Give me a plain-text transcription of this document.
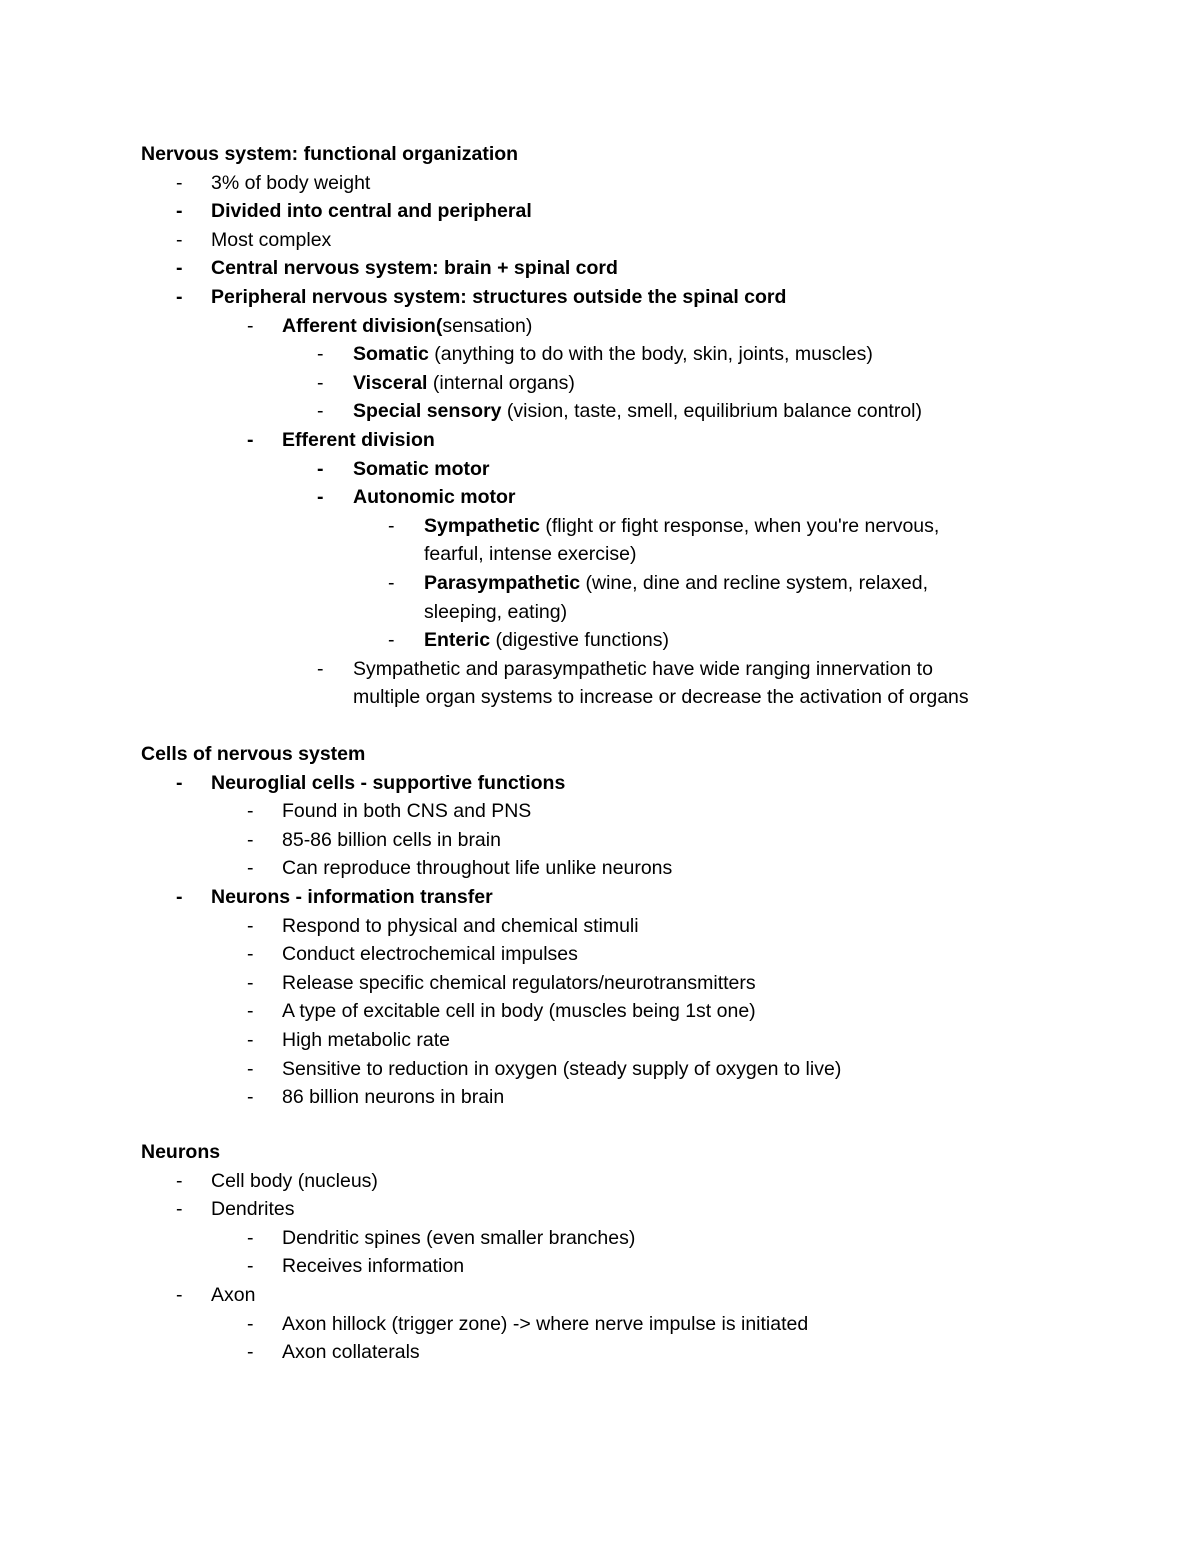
Nervous system: functional organization
- 3% of body weight
- Divided into central and peripheral
- Most complex
- Central nervous system: brain + spinal cord
- Peripheral nervous system: structures outside the spinal cord
- Afferent division(sensation)
- Somatic (anything to do with the body, skin, joints, muscles)
- Visceral (internal organs)
- Special sensory (vision, taste, smell, equilibrium balance control)
- Efferent division
- Somatic motor
- Autonomic motor
- Sympathetic (flight or fight response, when you're nervous,
fearful, intense exercise)
- Parasympathetic (wine, dine and recline system, relaxed,
sleeping, eating)
- Enteric (digestive functions)
- Sympathetic and parasympathetic have wide ranging innervation to
multiple organ systems to increase or decrease the activation of organs
Cells of nervous system
- Neuroglial cells - supportive functions
- Found in both CNS and PNS
- 85-86 billion cells in brain
- Can reproduce throughout life unlike neurons
- Neurons - information transfer
- Respond to physical and chemical stimuli
- Conduct electrochemical impulses
- Release specific chemical regulators/neurotransmitters
- A type of excitable cell in body (muscles being 1st one)
- High metabolic rate
- Sensitive to reduction in oxygen (steady supply of oxygen to live)
- 86 billion neurons in brain
Neurons
- Cell body (nucleus)
- Dendrites
- Dendritic spines (even smaller branches)
- Receives information
- Axon
- Axon hillock (trigger zone) -> where nerve impulse is initiated
- Axon collaterals
